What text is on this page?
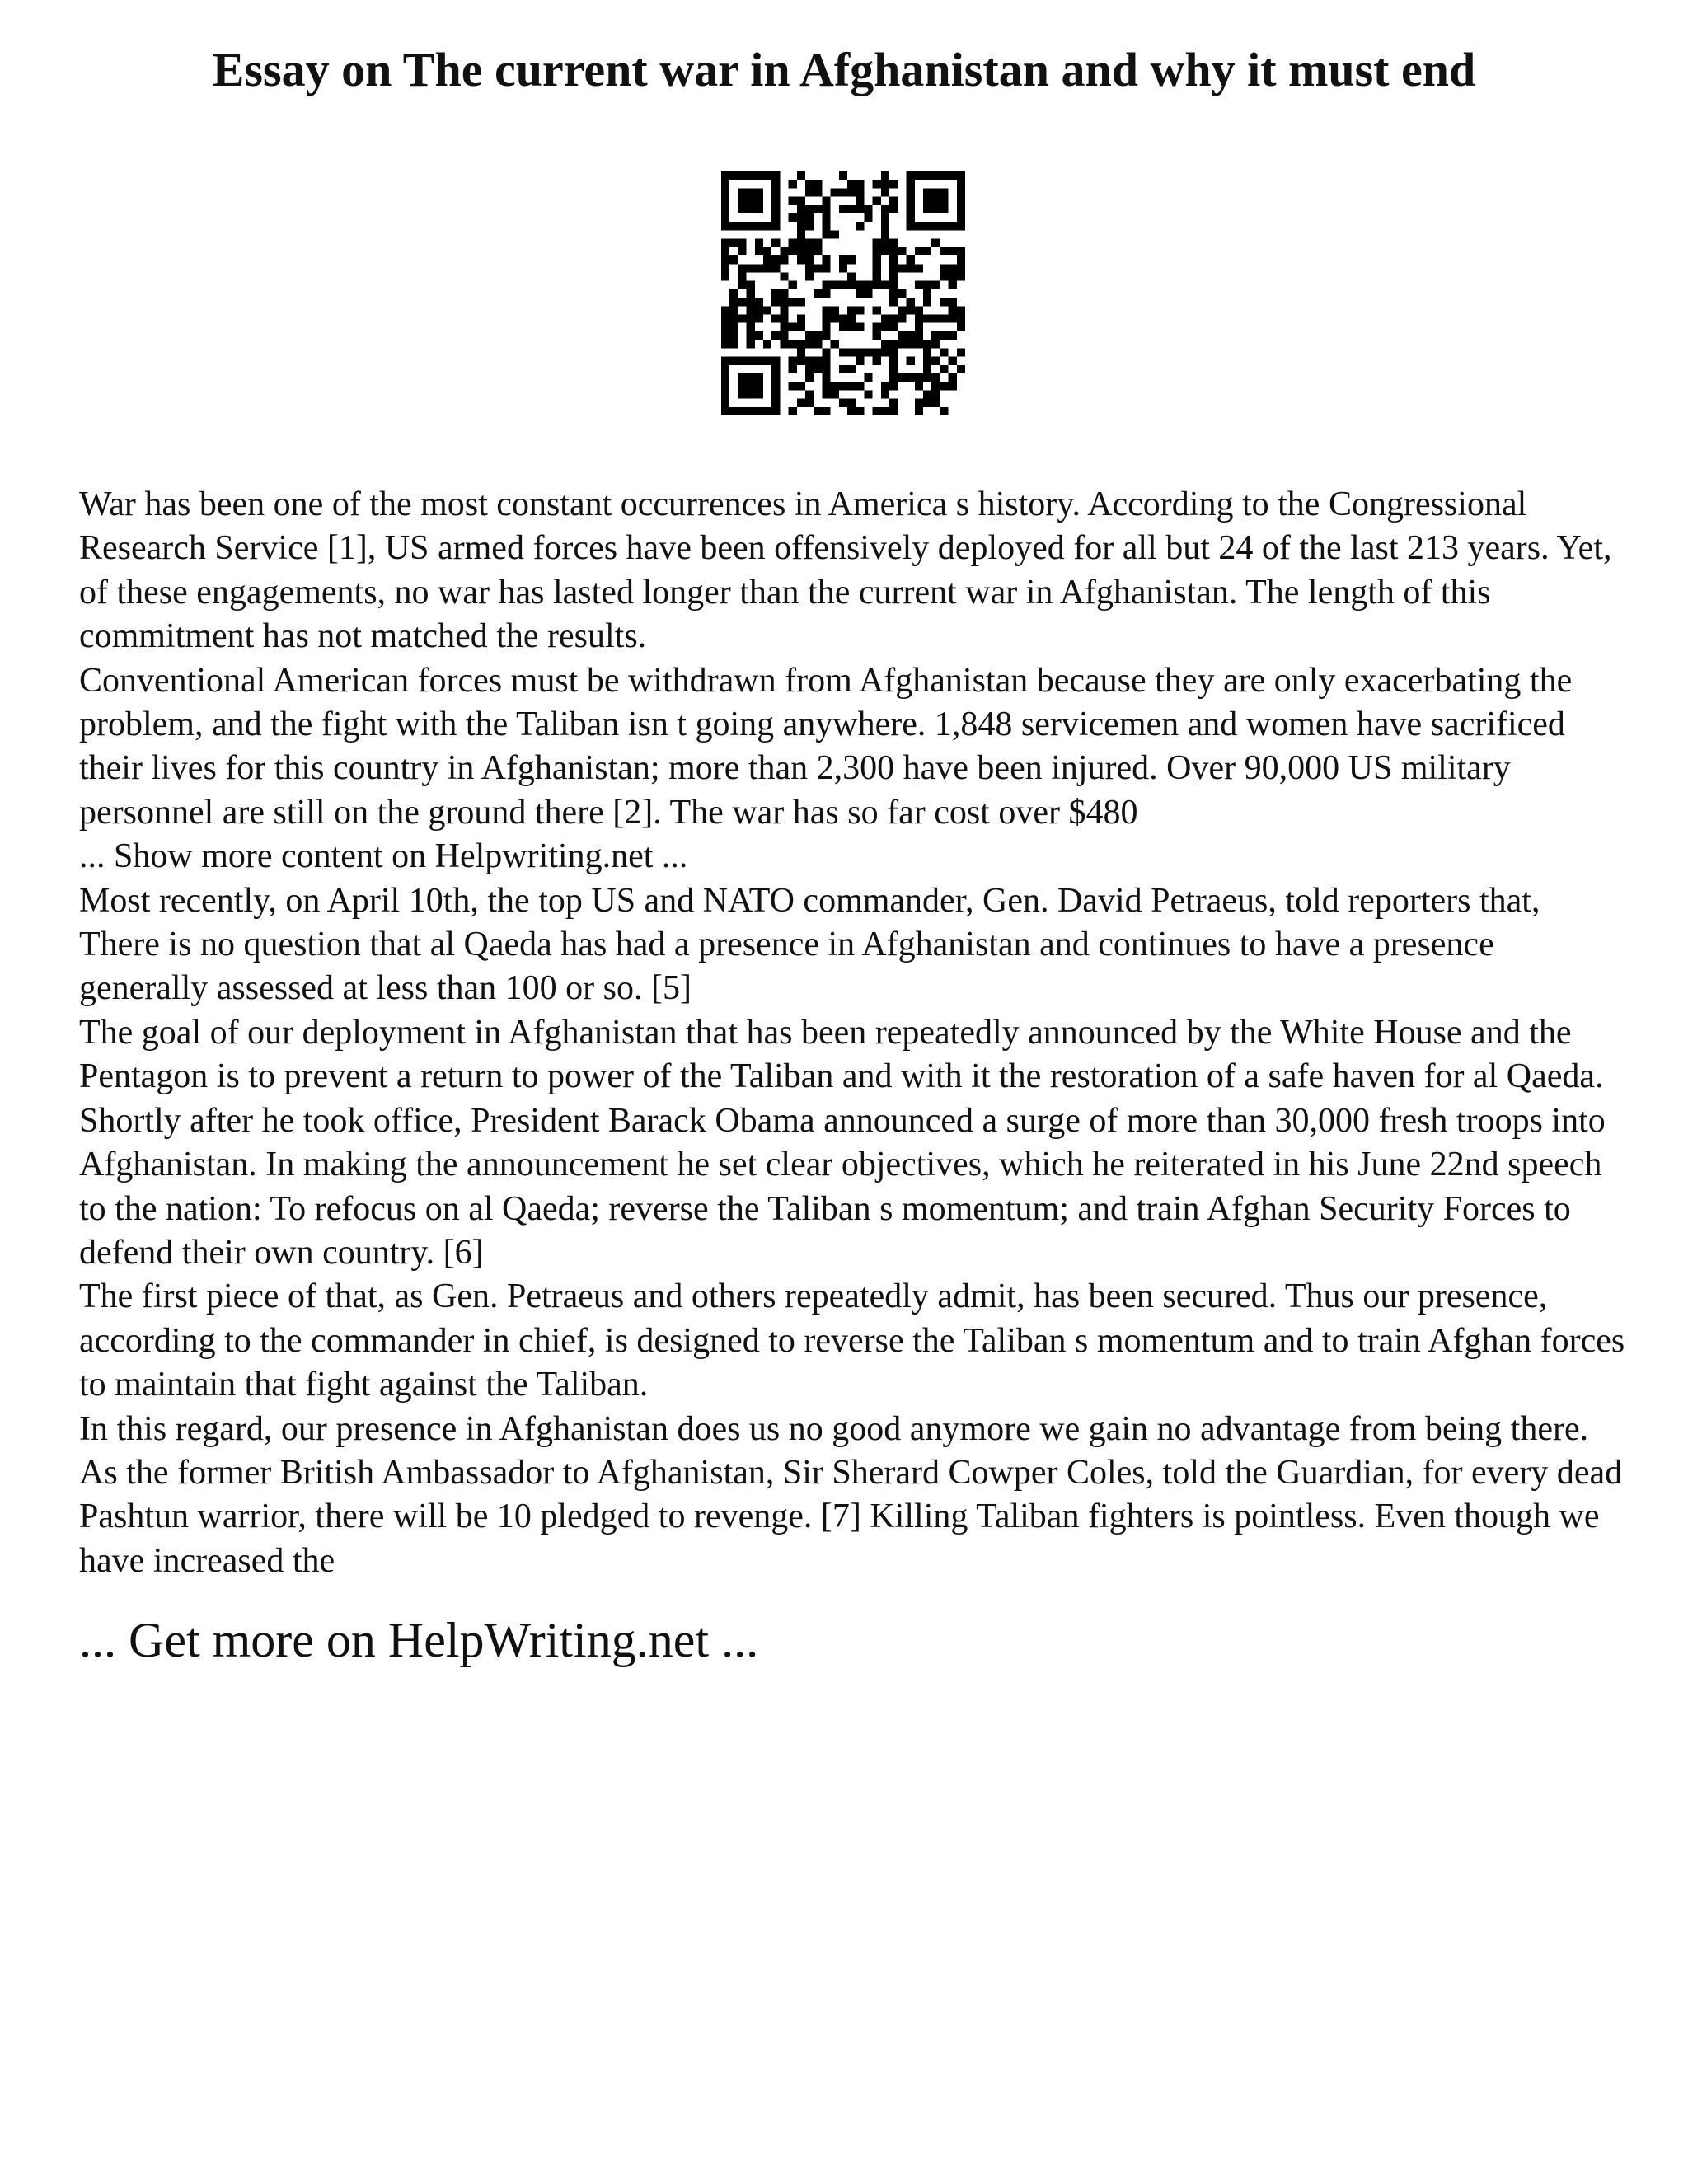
Essay on The current war in Afghanistan and why it must end

War has been one of the most constant occurrences in America s history. According to the Congressional Research Service [1], US armed forces have been offensively deployed for all but 24 of the last 213 years. Yet, of these engagements, no war has lasted longer than the current war in Afghanistan. The length of this commitment has not matched the results.

Conventional American forces must be withdrawn from Afghanistan because they are only exacerbating the problem, and the fight with the Taliban isn t going anywhere. 1,848 servicemen and women have sacrificed their lives for this country in Afghanistan; more than 2,300 have been injured. Over 90,000 US military personnel are still on the ground there [2]. The war has so far cost over $480

... Show more content on Helpwriting.net ...

Most recently, on April 10th, the top US and NATO commander, Gen. David Petraeus, told reporters that, There is no question that al Qaeda has had a presence in Afghanistan and continues to have a presence generally assessed at less than 100 or so. [5]

The goal of our deployment in Afghanistan that has been repeatedly announced by the White House and the Pentagon is to prevent a return to power of the Taliban and with it the restoration of a safe haven for al Qaeda. Shortly after he took office, President Barack Obama announced a surge of more than 30,000 fresh troops into Afghanistan. In making the announcement he set clear objectives, which he reiterated in his June 22nd speech to the nation: To refocus on al Qaeda; reverse the Taliban s momentum; and train Afghan Security Forces to defend their own country. [6]

The first piece of that, as Gen. Petraeus and others repeatedly admit, has been secured. Thus our presence, according to the commander in chief, is designed to reverse the Taliban s momentum and to train Afghan forces to maintain that fight against the Taliban.

In this regard, our presence in Afghanistan does us no good anymore we gain no advantage from being there. As the former British Ambassador to Afghanistan, Sir Sherard Cowper Coles, told the Guardian, for every dead Pashtun warrior, there will be 10 pledged to revenge. [7] Killing Taliban fighters is pointless. Even though we have increased the

... Get more on HelpWriting.net ...
